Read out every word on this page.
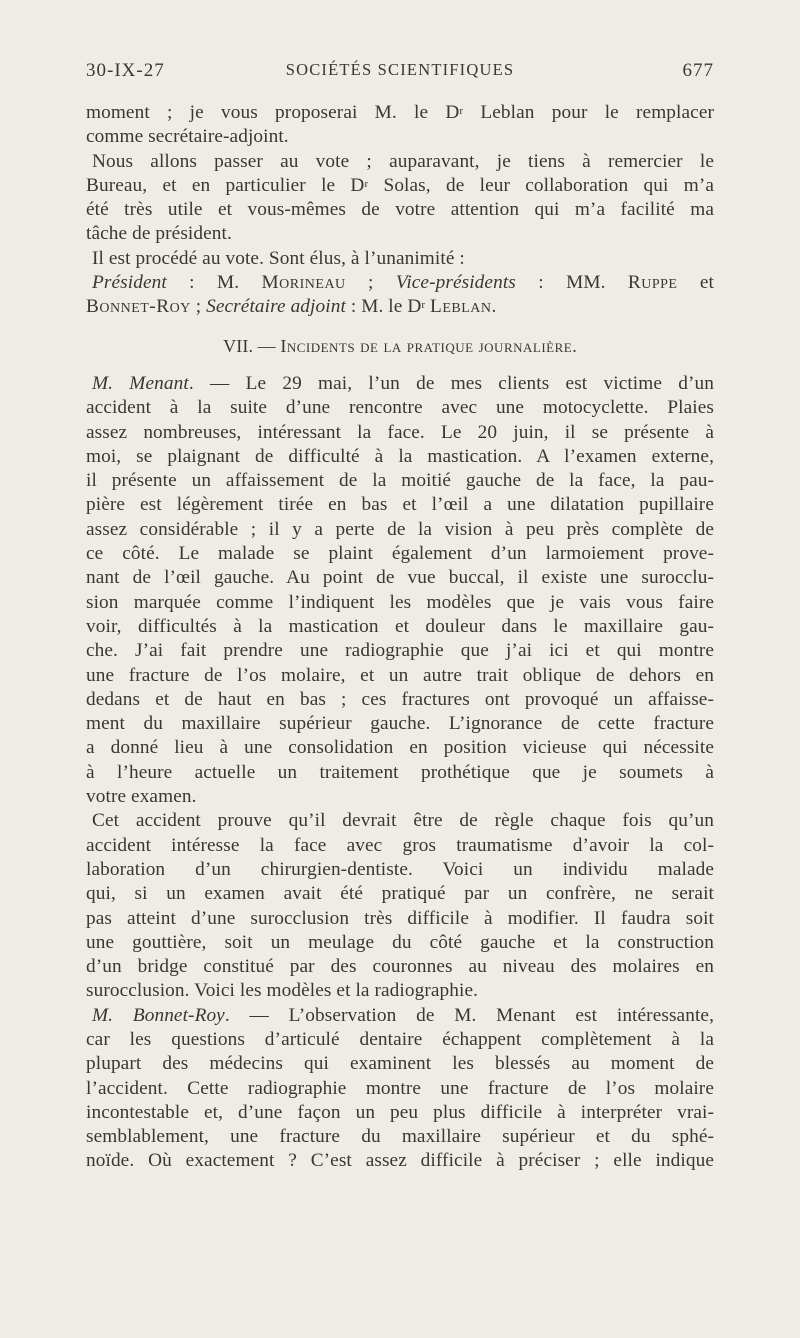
30-IX-27	SOCIÉTÉS SCIENTIFIQUES	677
moment ; je vous proposerai M. le $D^r$ Leblan pour le remplacer
comme secrétaire-adjoint.
Nous allons passer au vote ; auparavant, je tiens à remercier le
Bureau, et en particulier le $D^r$ Solas, de leur collaboration qui m’a
été très utile et vous-mêmes de votre attention qui m’a facilité ma
tâche de président.
Il est procédé au vote. Sont élus, à l’unanimité :
Président : M. Morineau ; Vice-présidents : MM. Ruppe et
Bonnet-Roy ; Secrétaire adjoint : M. le $D^r$ Leblan.
VII. — Incidents de la pratique journalière.
M. Menant. — Le 29 mai, l’un de mes clients est victime d’un
accident à la suite d’une rencontre avec une motocyclette. Plaies
assez nombreuses, intéressant la face. Le 20 juin, il se présente à
moi, se plaignant de difficulté à la mastication. A l’examen externe,
il présente un affaissement de la moitié gauche de la face, la pau-
pière est légèrement tirée en bas et l’œil a une dilatation pupillaire
assez considérable ; il y a perte de la vision à peu près complète de
ce côté. Le malade se plaint également d’un larmoiement prove-
nant de l’œil gauche. Au point de vue buccal, il existe une surocclu-
sion marquée comme l’indiquent les modèles que je vais vous faire
voir, difficultés à la mastication et douleur dans le maxillaire gau-
che. J’ai fait prendre une radiographie que j’ai ici et qui montre
une fracture de l’os molaire, et un autre trait oblique de dehors en
dedans et de haut en bas ; ces fractures ont provoqué un affaisse-
ment du maxillaire supérieur gauche. L’ignorance de cette fracture
a donné lieu à une consolidation en position vicieuse qui nécessite
à l’heure actuelle un traitement prothétique que je soumets à
votre examen.
Cet accident prouve qu’il devrait être de règle chaque fois qu’un
accident intéresse la face avec gros traumatisme d’avoir la col-
laboration d’un chirurgien-dentiste. Voici un individu malade
qui, si un examen avait été pratiqué par un confrère, ne serait
pas atteint d’une surocclusion très difficile à modifier. Il faudra soit
une gouttière, soit un meulage du côté gauche et la construction
d’un bridge constitué par des couronnes au niveau des molaires en
surocclusion. Voici les modèles et la radiographie.
M. Bonnet-Roy. — L’observation de M. Menant est intéressante,
car les questions d’articulé dentaire échappent complètement à la
plupart des médecins qui examinent les blessés au moment de
l’accident. Cette radiographie montre une fracture de l’os molaire
incontestable et, d’une façon un peu plus difficile à interpréter vrai-
semblablement, une fracture du maxillaire supérieur et du sphé-
noïde. Où exactement ? C’est assez difficile à préciser ; elle indique
